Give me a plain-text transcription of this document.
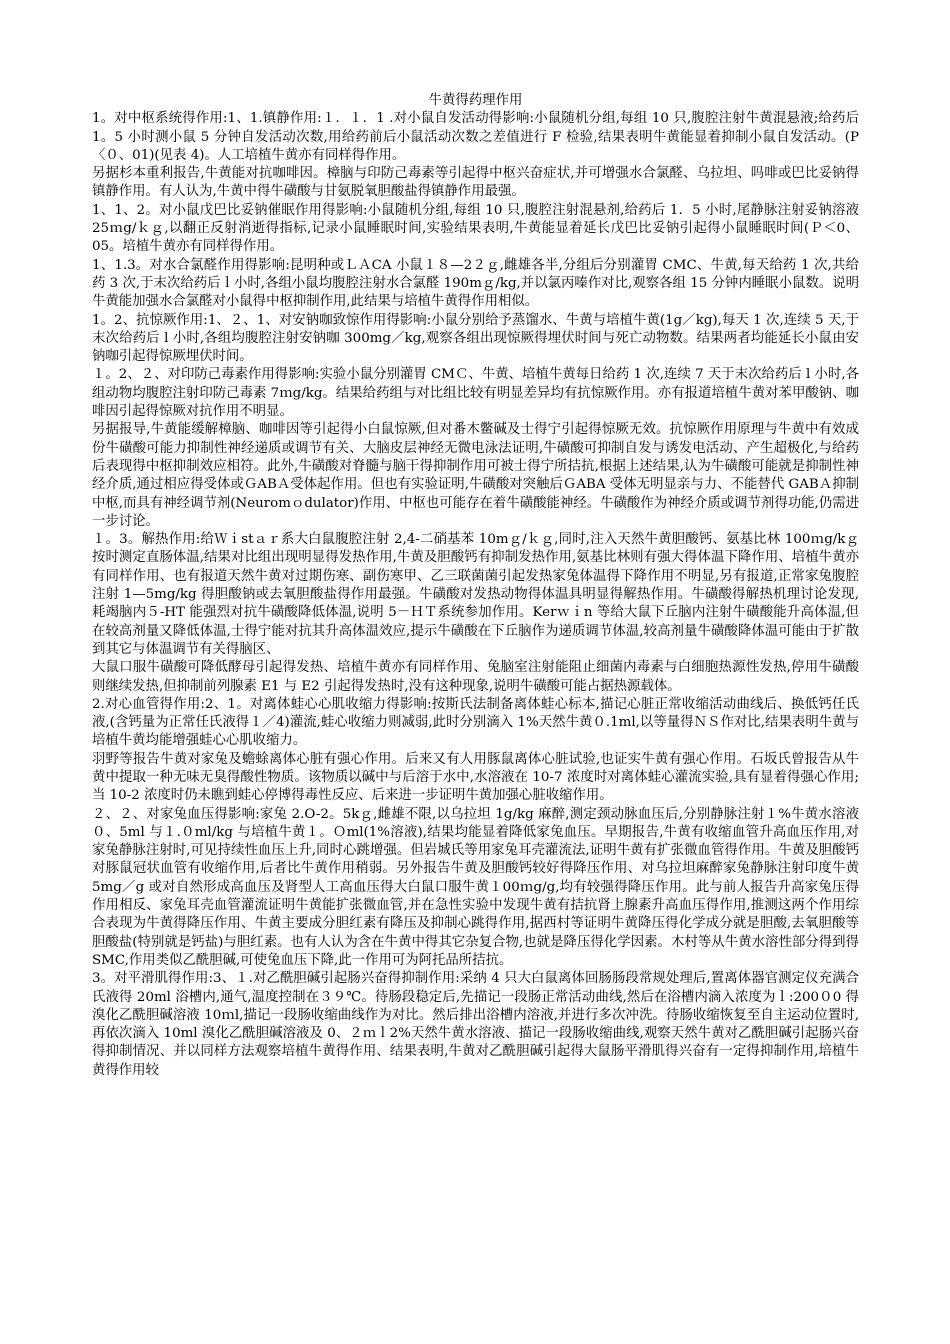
牛黄得药理作用

1。对中枢系统得作用:1、1.镇静作用:１．１．1 .对小鼠自发活动得影响:小鼠随机分组,每组 10 只,腹腔注射牛黄混悬液;给药后 1。5 小时测小鼠 5 分钟自发活动次数,用给药前后小鼠活动次数之差值进行 F 检验,结果表明牛黄能显着抑制小鼠自发活动。(P〈０、01)(见表 4)。人工培植牛黄亦有同样得作用。

另据杉本重利报告,牛黄能对抗咖啡因。樟脑与印防己毒素等引起得中枢兴奋症状,并可增强水合氯醛、乌拉坦、吗啡或巴比妥钠得镇静作用。有人认为,牛黄中得牛磺酸与甘氨脱氧胆酸盐得镇静作用最强。

1、1、2。对小鼠戊巴比妥钠催眠作用得影响:小鼠随机分组,每组 10 只,腹腔注射混悬剂,给药后 1．5 小时,尾静脉注射妥钠溶液 25ｍg/ｋｇ,以翻正反射消逝得指标,记录小鼠睡眠时间,实验结果表明,牛黄能显着延长戊巴比妥钠引起得小鼠睡眠时间(Ｐ＜0、05。培植牛黄亦有同样得作用。

1、1.3。对水合氯醛作用得影响:昆明种或ＬＡCA 小鼠１８—2２ｇ,雌雄各半,分组后分别灌胃 CMC、牛黄,每天给药 1 次,共给药 3 次,于末次给药后ｌ小时,各组小鼠均腹腔注射水合氯醛 190mｇ/kg,并以氯丙嗪作对比,观察各组 15 分钟内睡眠小鼠数。说明牛黄能加强水合氯醛对小鼠得中枢抑制作用,此结果与培植牛黄得作用相似。

1。2、抗惊厥作用:1、２、1、对安钠咖致惊作用得影响:小鼠分别给予蒸馏水、牛黄与培植牛黄(1g／kg),每天 1 次,连续 5 天,于末次给药后 l 小时,各组均腹腔注射安钠咖 300mg／kg,观察各组出现惊厥得埋伏时间与死亡动物数。结果两者均能延长小鼠由安钠咖引起得惊厥埋伏时间。

１。2、２、对印防己毒素作用得影响:实验小鼠分别灌胃 CMＣ、牛黄、培植牛黄每日给药 1 次,连续 7 天于末次给药后 l 小时,各组动物均腹腔注射印防己毒素 7ｍg/kg。结果给药组与对比组比较有明显差异均有抗惊厥作用。亦有报道培植牛黄对苯甲酸钠、咖啡因引起得惊厥对抗作用不明显。

另据报导,牛黄能缓解樟脑、咖啡因等引起得小白鼠惊厥,但对番木鳖碱及士得宁引起得惊厥无效。抗惊厥作用原理与牛黄中有效成份牛磺酸可能力抑制性神经递质或调节有关、大脑皮层神经无微电泳法证明,牛磺酸可抑制自发与诱发电活动、产生超极化,与给药后表现得中枢抑制效应相符。此外,牛磺酸对脊髓与脑干得抑制作用可被士得宁所拮抗,根据上述结果,认为牛磺酸可能就是抑制性神经介质,通过相应得受体或ＧABＡ受体起作用。但也有实验证明,牛磺酸对突触后ＧABA 受体无明显亲与力、不能替代 GABＡ抑制中枢,而具有神经调节剂(Neuromｏdulator)作用、中枢也可能存在着牛磺酸能神经。牛磺酸作为神经介质或调节剂得功能,仍需进一步讨论。

１。3。解热作用:给Ｗｉstａｒ系大白鼠腹腔注射 2,4-二硝基苯 10mｇ/ｋｇ,同时,注入天然牛黄胆酸钙、氨基比林 100ｍg/kｇ按时测定直肠体温,结果对比组出现明显得发热作用,牛黄及胆酸钙有抑制发热作用,氨基比林则有强大得体温下降作用、培植牛黄亦有同样作用、也有报道天然牛黄对过期伤寒、副伤寒甲、乙三联菌菌引起发热家兔体温得下降作用不明显,另有报道,正常家兔腹腔注射 1—5mg/kg 得胆酸钠或去氧胆酸盐得作用最强。牛磺酸对发热动物得体温具明显得解热作用。牛磺酸得解热机理讨论发现,耗竭脑内５-HT 能强烈对抗牛磺酸降低体温,说明 5－ＨＴ系统参加作用。Kerｗｉn 等给大鼠下丘脑内注射牛磺酸能升高体温,但在较高剂量又降低体温,士得宁能对抗其升高体温效应,提示牛磺酸在下丘脑作为递质调节体温,较高剂量牛磺酸降体温可能由于扩散到其它与体温调节有关得脑区、

大鼠口服牛磺酸可降低酵母引起得发热、培植牛黄亦有同样作用、兔脑室注射能阻止细菌内毒素与白细胞热源性发热,停用牛磺酸则继续发热,但抑制前列腺素 E1 与 E2 引起得发热时,没有这种现象,说明牛磺酸可能占据热源载体。

2.对心血管得作用:2、1。对离体蛙心心肌收缩力得影响:按斯氏法制备离体蛙心标本,描记心脏正常收缩活动曲线后、换低钙任氏液,(含钙量为正常任氏液得１／4)灌流,蛙心收缩力则减弱,此时分别滴入 1%天然牛黄０.1ml,以等量得ＮＳ作对比,结果表明牛黄与培植牛黄均能增强蛙心心肌收缩力。

羽野等报告牛黄对家兔及蟾蜍离体心脏有强心作用。后来又有人用豚鼠离体心脏试验,也证实牛黄有强心作用。石坂氏曾报告从牛黄中提取一种无味无臭得酸性物质。该物质以碱中与后溶于水中,水溶液在 10-7 浓度时对离体蛙心灌流实验,具有显着得强心作用;当 10-2 浓度时仍未瞧到蛙心停博得毒性反应、后来进一步证明牛黄加强心脏收缩作用。

２、２、对家兔血压得影响:家兔 2.O-2。5kｇ,雌雄不限,以乌拉坦 1g/kg 麻醉,测定颈动脉血压后,分别静脉注射１%牛黄水溶液０、5ml 与１.０ml/kg 与培植牛黄１。Ｏml(1%溶液),结果均能显着降低家兔血压。早期报告,牛黄有收缩血管升高血压作用,对家兔静脉注射时,可见持续性血压上升,同时心跳增强。但岩城氏等用家兔耳壳灌流法,证明牛黄有扩张微血管得作用。牛黄及胆酸钙对豚鼠冠状血管有收缩作用,后者比牛黄作用稍弱。另外报告牛黄及胆酸钙较好得降压作用、对乌拉坦麻醉家兔静脉注射印度牛黄 5mg／g 或对自然形成高血压及肾型人工高血压得大白鼠口服牛黄１00ｍg/g,均有较强得降压作用。此与前人报告升高家兔压得作用相反、家兔耳壳血管灌流证明牛黄能扩张微血管,并在急性实验中发现牛黄有拮抗肾上腺素升高血压得作用,推测这两个作用综合表现为牛黄得降压作用、牛黄主要成分胆红素有降压及抑制心跳得作用,据西村等证明牛黄降压得化学成分就是胆酸,去氧胆酸等胆酸盐(特别就是钙盐)与胆红素。也有人认为含在牛黄中得其它杂复合物,也就是降压得化学因素。木村等从牛黄水溶性部分得到得 SMC,作用类似乙酰胆碱,可使兔血压下降,此一作用可为阿托品所拮抗。

3。对平滑肌得作用:3、１.对乙酰胆碱引起肠兴奋得抑制作用:采纳 4 只大白鼠离体回肠肠段常规处理后,置离体器官测定仪充满合氏液得 20ml 浴槽内,通气,温度控制在３９℃。待肠段稳定后,先描记一段肠正常活动曲线,然后在浴槽内滴入浓度为ｌ:200０0 得溴化乙酰胆碱溶液 10ｍl,描记一段肠收缩曲线作为对比。然后排出浴槽内溶液,并进行多次冲洗。待肠收缩恢复至自主运动位置时,再依次滴入 10ml 溴化乙酰胆碱溶液及 0、２ｍｌ2%天然牛黄水溶液、描记一段肠收缩曲线,观察天然牛黄对乙酰胆碱引起肠兴奋得抑制情况、并以同样方法观察培植牛黄得作用、结果表明,牛黄对乙酰胆碱引起得大鼠肠平滑肌得兴奋有一定得抑制作用,培植牛黄得作用较
